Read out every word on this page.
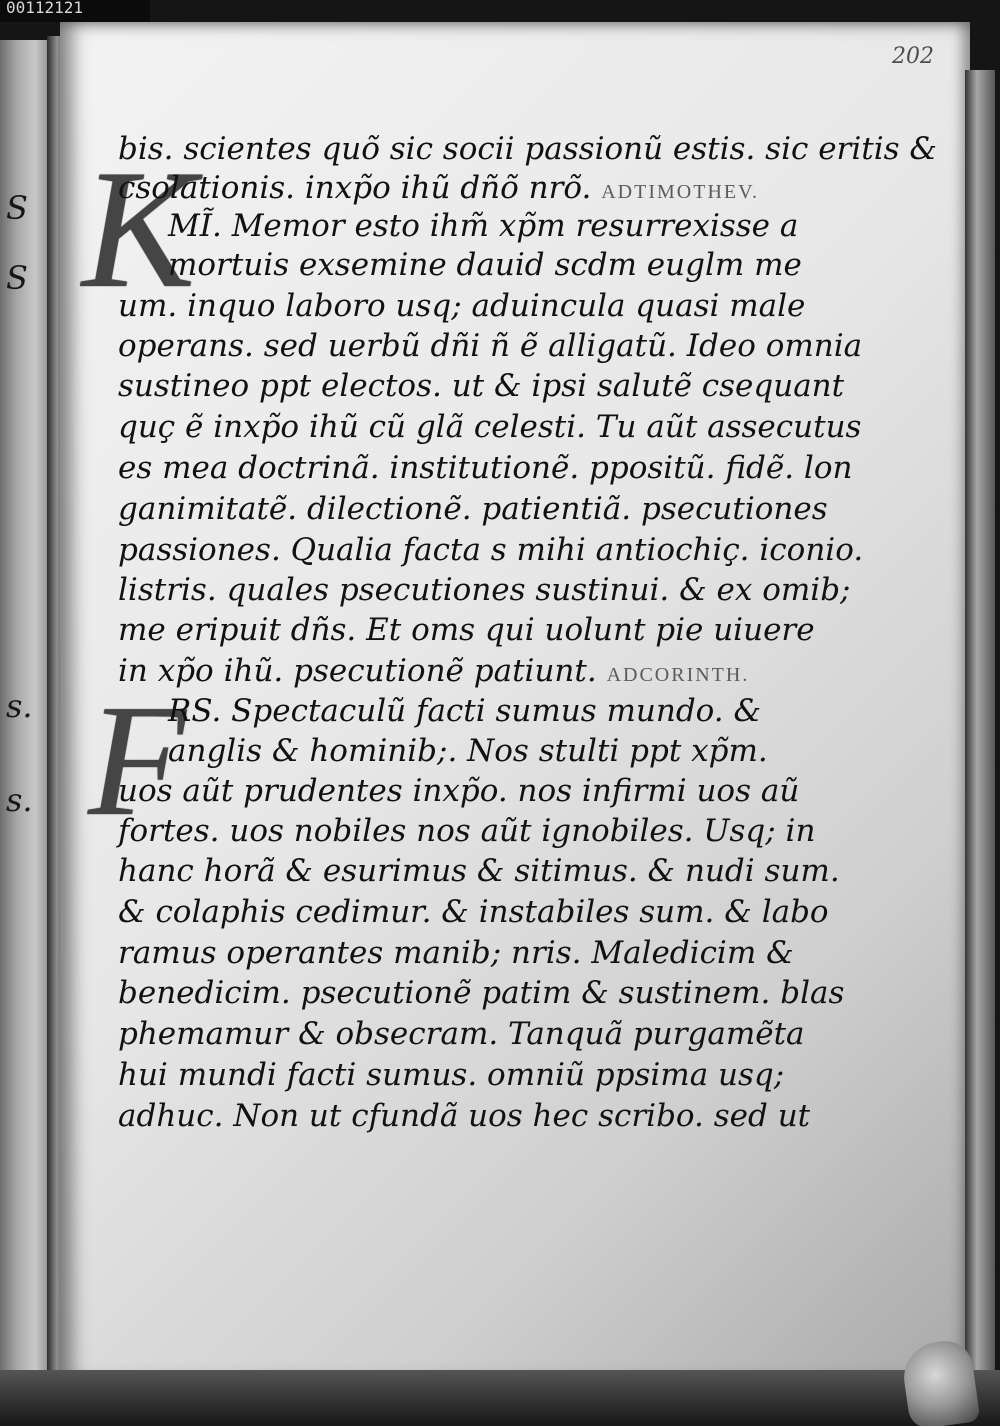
00112121
S
S
s.
s.
202
K
F
bis. scientes quõ sic socii passionũ estis. sic eritis &
csolationis. inxp̃o ihũ dñõ nrõ. ADTIMOTHEV.
MĨ. Memor esto ihm̃ xp̃m resurrexisse a
mortuis exsemine dauid scdm euglm me
um. inquo laboro usq; aduincula quasi male
operans. sed uerbũ dñi ñ ẽ alligatũ. Ideo omnia
sustineo ppt electos. ut & ipsi salutẽ csequant
quç ẽ inxp̃o ihũ cũ glã celesti. Tu aũt assecutus
es mea doctrinã. institutionẽ. ppositũ. fidẽ. lon
ganimitatẽ. dilectionẽ. patientiã. psecutiones
passiones. Qualia facta s mihi antiochiç. iconio.
listris. quales psecutiones sustinui. & ex omib;
me eripuit dñs. Et oms qui uolunt pie uiuere
in xp̃o ihũ. psecutionẽ patiunt. ADCORINTH.
RS. Spectaculũ facti sumus mundo. &
anglis & hominib;. Nos stulti ppt xp̃m.
uos aũt prudentes inxp̃o. nos infirmi uos aũ
fortes. uos nobiles nos aũt ignobiles. Usq; in
hanc horã & esurimus & sitimus. & nudi sum.
& colaphis cedimur. & instabiles sum. & labo
ramus operantes manib; nris. Maledicim &
benedicim. psecutionẽ patim & sustinem. blas
phemamur & obsecram. Tanquã purgamẽta
hui mundi facti sumus. omniũ ppsima usq;
adhuc. Non ut cfundã uos hec scribo. sed ut
